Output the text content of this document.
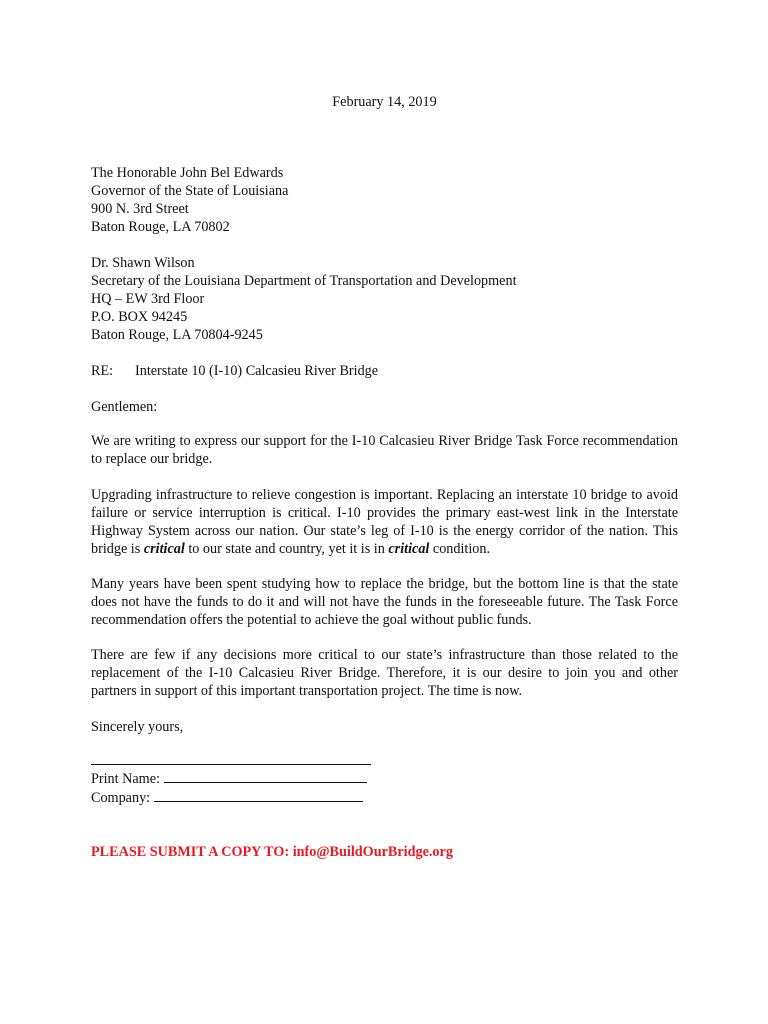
February 14, 2019
The Honorable John Bel Edwards
Governor of the State of Louisiana
900 N. 3rd Street
Baton Rouge, LA 70802
Dr. Shawn Wilson
Secretary of the Louisiana Department of Transportation and Development
HQ – EW 3rd Floor
P.O. BOX 94245
Baton Rouge, LA 70804-9245
RE:	Interstate 10 (I-10) Calcasieu River Bridge
Gentlemen:

We are writing to express our support for the I-10 Calcasieu River Bridge Task Force recommendation to replace our bridge.

Upgrading infrastructure to relieve congestion is important. Replacing an interstate 10 bridge to avoid failure or service interruption is critical. I-10 provides the primary east-west link in the Interstate Highway System across our nation. Our state’s leg of I-10 is the energy corridor of the nation. This bridge is critical to our state and country, yet it is in critical condition.

Many years have been spent studying how to replace the bridge, but the bottom line is that the state does not have the funds to do it and will not have the funds in the foreseeable future. The Task Force recommendation offers the potential to achieve the goal without public funds.

There are few if any decisions more critical to our state’s infrastructure than those related to the replacement of the I-10 Calcasieu River Bridge. Therefore, it is our desire to join you and other partners in support of this important transportation project. The time is now.

Sincerely yours,
Print Name:
Company:
PLEASE SUBMIT A COPY TO: info@BuildOurBridge.org
